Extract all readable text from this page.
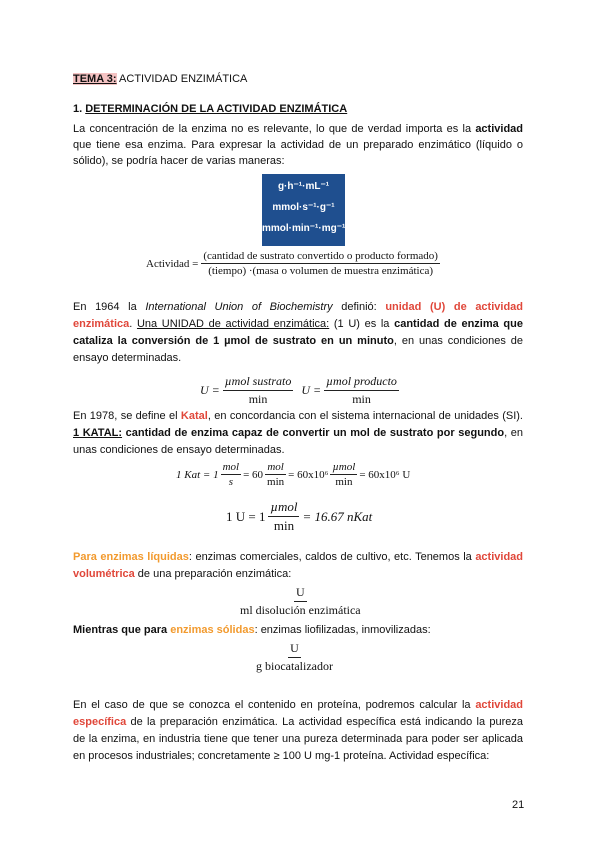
TEMA 3: ACTIVIDAD ENZIMÁTICA
1. DETERMINACIÓN DE LA ACTIVIDAD ENZIMÁTICA
La concentración de la enzima no es relevante, lo que de verdad importa es la actividad que tiene esa enzima. Para expresar la actividad de un preparado enzimático (líquido o sólido), se podría hacer de varias maneras:
g·h⁻¹·mL⁻¹
mmol·s⁻¹·g⁻¹
mmol·min⁻¹·mg⁻¹
Actividad = $\frac{\text{(cantidad de sustrato convertido o producto formado)}}{\text{(tiempo) ·(masa o volumen de muestra enzimática)}}$
En 1964 la International Union of Biochemistry definió: unidad (U) de actividad enzimática. Una UNIDAD de actividad enzimática: (1 U) es la cantidad de enzima que cataliza la conversión de 1 µmol de sustrato en un minuto, en unas condiciones de ensayo determinadas.
$U = \frac{\text{µmol sustrato}}{\min}$ $U = \frac{\text{µmol producto}}{\min}$
En 1978, se define el Katal, en concordancia con el sistema internacional de unidades (SI). 1 KATAL: cantidad de enzima capaz de convertir un mol de sustrato por segundo, en unas condiciones de ensayo determinadas.
1 Kat = $1 \frac{\text{mol}}{s} = 60 \frac{\text{mol}}{\min} = 60x10^6 \frac{\text{µmol}}{\min} = 60x10^6$ U
1 $U = 1 \frac{\text{µmol}}{\min} = 16.67$ nKat
Para enzimas líquidas: enzimas comerciales, caldos de cultivo, etc. Tenemos la actividad volumétrica de una preparación enzimática:
$\frac{U}{\text{ml disolución enzimática}}$
Mientras que para enzimas sólidas: enzimas liofilizadas, inmovilizadas:
$\frac{U}{\text{g biocatalizador}}$
En el caso de que se conozca el contenido en proteína, podremos calcular la actividad específica de la preparación enzimática. La actividad específica está indicando la pureza de la enzima, en industria tiene que tener una pureza determinada para poder ser aplicada en procesos industriales; concretamente ≥ 100 U mg-1 proteína. Actividad específica:
21
